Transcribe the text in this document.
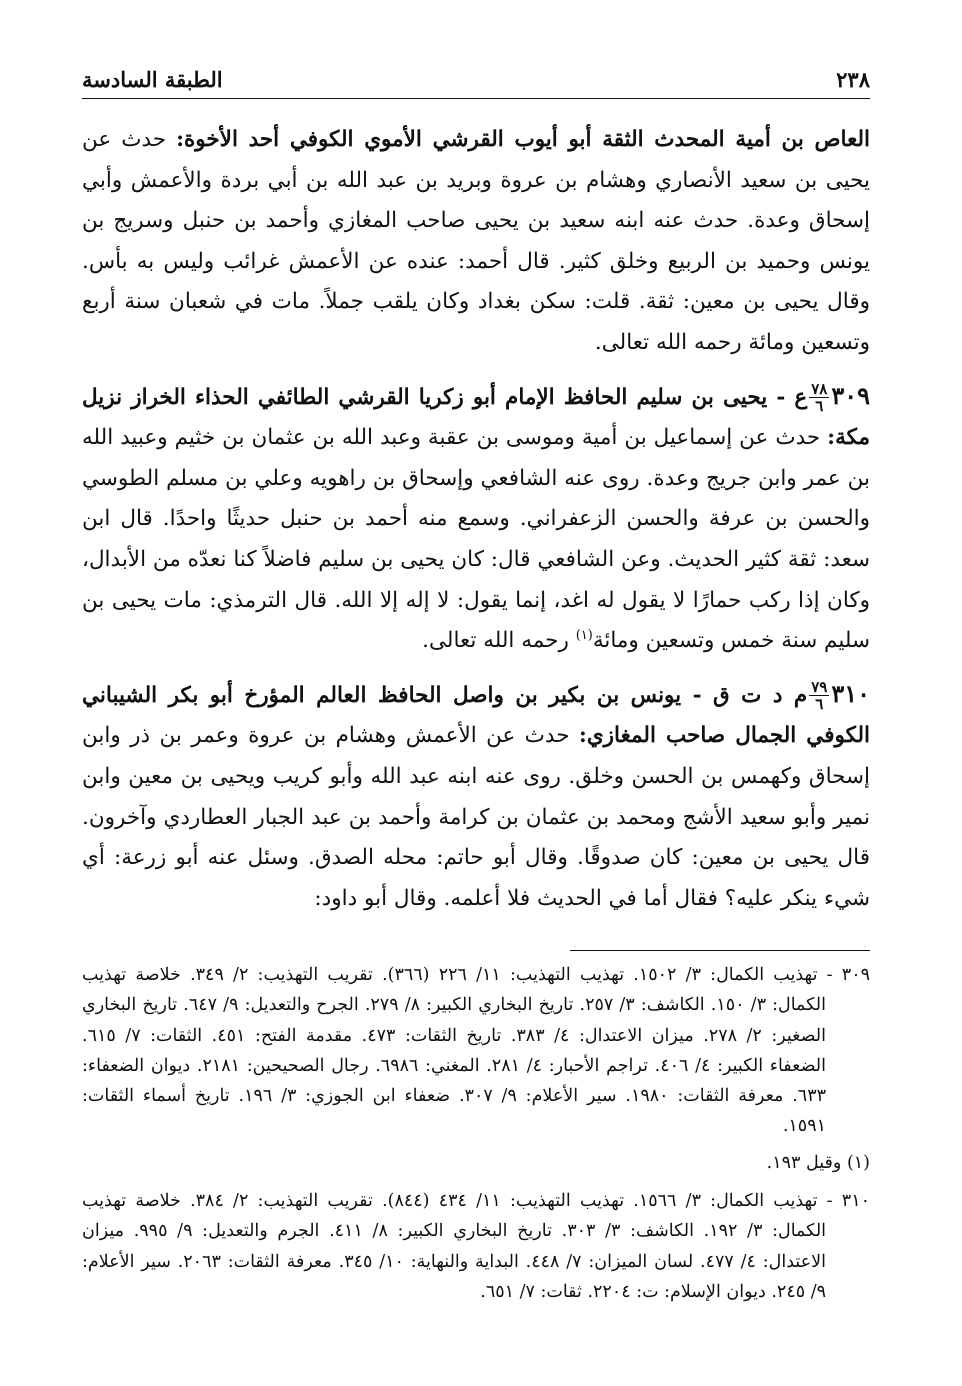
٢٣٨
الطبقة السادسة

العاص بن أمية المحدث الثقة أبو أيوب القرشي الأموي الكوفي أحد الأخوة: حدث عن يحيى بن سعيد الأنصاري وهشام بن عروة وبريد بن عبد الله بن أبي بردة والأعمش وأبي إسحاق وعدة. حدث عنه ابنه سعيد بن يحيى صاحب المغازي وأحمد بن حنبل وسريج بن يونس وحميد بن الربيع وخلق كثير. قال أحمد: عنده عن الأعمش غرائب وليس به بأس. وقال يحيى بن معين: ثقة. قلت: سكن بغداد وكان يلقب جملاً. مات في شعبان سنة أربع وتسعين ومائة رحمه الله تعالى.

٣٠٩
$\frac{٧٨}{٦}$
ع - يحيى بن سليم الحافظ الإمام أبو زكريا القرشي الطائفي الحذاء الخراز نزيل مكة: حدث عن إسماعيل بن أمية وموسى بن عقبة وعبد الله بن عثمان بن خثيم وعبيد الله بن عمر وابن جريج وعدة. روى عنه الشافعي وإسحاق بن راهويه وعلي بن مسلم الطوسي والحسن بن عرفة والحسن الزعفراني. وسمع منه أحمد بن حنبل حديثًا واحدًا. قال ابن سعد: ثقة كثير الحديث. وعن الشافعي قال: كان يحيى بن سليم فاضلاً كنا نعدّه من الأبدال، وكان إذا ركب حمارًا لا يقول له اغد، إنما يقول: لا إله إلا الله. قال الترمذي: مات يحيى بن سليم سنة خمس وتسعين ومائة$^{(١)}$ رحمه الله تعالى.

٣١٠
$\frac{٧٩}{٦}$
م د ت ق - يونس بن بكير بن واصل الحافظ العالم المؤرخ أبو بكر الشيباني الكوفي الجمال صاحب المغازي: حدث عن الأعمش وهشام بن عروة وعمر بن ذر وابن إسحاق وكهمس بن الحسن وخلق. روى عنه ابنه عبد الله وأبو كريب ويحيى بن معين وابن نمير وأبو سعيد الأشج ومحمد بن عثمان بن كرامة وأحمد بن عبد الجبار العطاردي وآخرون. قال يحيى بن معين: كان صدوقًا. وقال أبو حاتم: محله الصدق. وسئل عنه أبو زرعة: أي شيء ينكر عليه؟ فقال أما في الحديث فلا أعلمه. وقال أبو داود:

٣٠٩ - تهذيب الكمال: ٣/ ١٥٠٢. تهذيب التهذيب: ١١/ ٢٢٦ (٣٦٦). تقريب التهذيب: ٢/ ٣٤٩. خلاصة تهذيب الكمال: ٣/ ١٥٠. الكاشف: ٣/ ٢٥٧. تاريخ البخاري الكبير: ٨/ ٢٧٩. الجرح والتعديل: ٩/ ٦٤٧. تاريخ البخاري الصغير: ٢/ ٢٧٨. ميزان الاعتدال: ٤/ ٣٨٣. تاريخ الثقات: ٤٧٣. مقدمة الفتح: ٤٥١. الثقات: ٧/ ٦١٥. الضعفاء الكبير: ٤/ ٤٠٦. تراجم الأحبار: ٤/ ٢٨١. المغني: ٦٩٨٦. رجال الصحيحين: ٢١٨١. ديوان الضعفاء: ٦٣٣. معرفة الثقات: ١٩٨٠. سير الأعلام: ٩/ ٣٠٧. ضعفاء ابن الجوزي: ٣/ ١٩٦. تاريخ أسماء الثقات: ١٥٩١.

(١) وقيل ١٩٣.

٣١٠ - تهذيب الكمال: ٣/ ١٥٦٦. تهذيب التهذيب: ١١/ ٤٣٤ (٨٤٤). تقريب التهذيب: ٢/ ٣٨٤. خلاصة تهذيب الكمال: ٣/ ١٩٢. الكاشف: ٣/ ٣٠٣. تاريخ البخاري الكبير: ٨/ ٤١١. الجرم والتعديل: ٩/ ٩٩٥. ميزان الاعتدال: ٤/ ٤٧٧. لسان الميزان: ٧/ ٤٤٨. البداية والنهاية: ١٠/ ٣٤٥. معرفة الثقات: ٢٠٦٣. سير الأعلام: ٩/ ٢٤٥. ديوان الإسلام: ت: ٢٢٠٤. ثقات: ٧/ ٦٥١.
